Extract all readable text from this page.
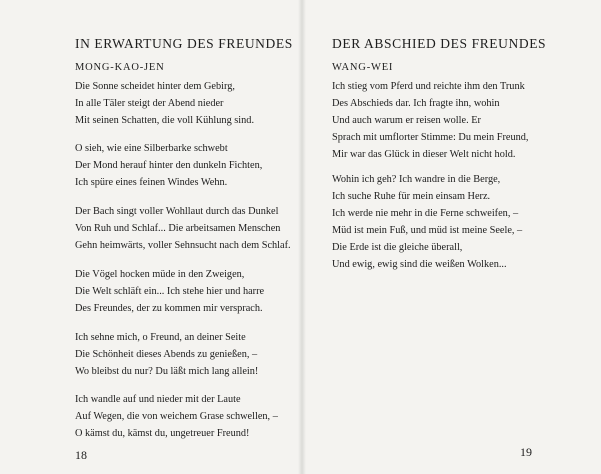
IN ERWARTUNG DES FREUNDES
MONG-KAO-JEN
Die Sonne scheidet hinter dem Gebirg,
In alle Täler steigt der Abend nieder
Mit seinen Schatten, die voll Kühlung sind.
O sieh, wie eine Silberbarke schwebt
Der Mond herauf hinter den dunkeln Fichten,
Ich spüre eines feinen Windes Wehn.
Der Bach singt voller Wohllaut durch das Dunkel
Von Ruh und Schlaf... Die arbeitsamen Menschen
Gehn heimwärts, voller Sehnsucht nach dem Schlaf.
Die Vögel hocken müde in den Zweigen,
Die Welt schläft ein... Ich stehe hier und harre
Des Freundes, der zu kommen mir versprach.
Ich sehne mich, o Freund, an deiner Seite
Die Schönheit dieses Abends zu genießen, –
Wo bleibst du nur? Du läßt mich lang allein!
Ich wandle auf und nieder mit der Laute
Auf Wegen, die von weichem Grase schwellen, –
O kämst du, kämst du, ungetreuer Freund!
18
DER ABSCHIED DES FREUNDES
WANG-WEI
Ich stieg vom Pferd und reichte ihm den Trunk
Des Abschieds dar. Ich fragte ihn, wohin
Und auch warum er reisen wolle. Er
Sprach mit umflorter Stimme: Du mein Freund,
Mir war das Glück in dieser Welt nicht hold.
Wohin ich geh? Ich wandre in die Berge,
Ich suche Ruhe für mein einsam Herz.
Ich werde nie mehr in die Ferne schweifen, –
Müd ist mein Fuß, und müd ist meine Seele, –
Die Erde ist die gleiche überall,
Und ewig, ewig sind die weißen Wolken...
19
